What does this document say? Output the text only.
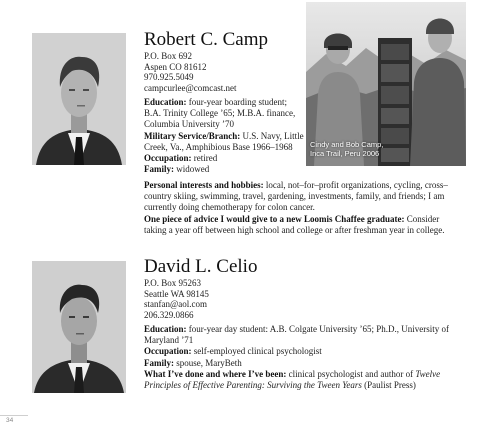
Robert C. Camp
P.O. Box 692
Aspen CO 81612
970.925.5049
campcurlee@comcast.net
Education: four-year boarding student; B.A. Trinity College ’65; M.B.A. finance, Columbia University ’70
Military Service/Branch: U.S. Navy, Little Creek, Va., Amphibious Base 1966–1968
Occupation: retired
Family: widowed
Personal interests and hobbies: local, not–for–profit organizations, cycling, cross–country skiing, swimming, travel, gardening, investments, family, and friends; I am currently doing chemotherapy for colon cancer.
One piece of advice I would give to a new Loomis Chaffee graduate: Consider taking a year off between high school and college or after freshman year in college.
Cindy and Bob Camp,
Inca Trail, Peru 2006
David L. Celio
P.O. Box 95263
Seattle WA 98145
stanfan@aol.com
206.329.0866
Education: four-year day student: A.B. Colgate University ’65; Ph.D., University of Maryland ’71
Occupation: self-employed clinical psychologist
Family: spouse, MaryBeth
What I’ve done and where I’ve been: clinical psychologist and author of Twelve Principles of Effective Parenting: Surviving the Tween Years (Paulist Press)
34
